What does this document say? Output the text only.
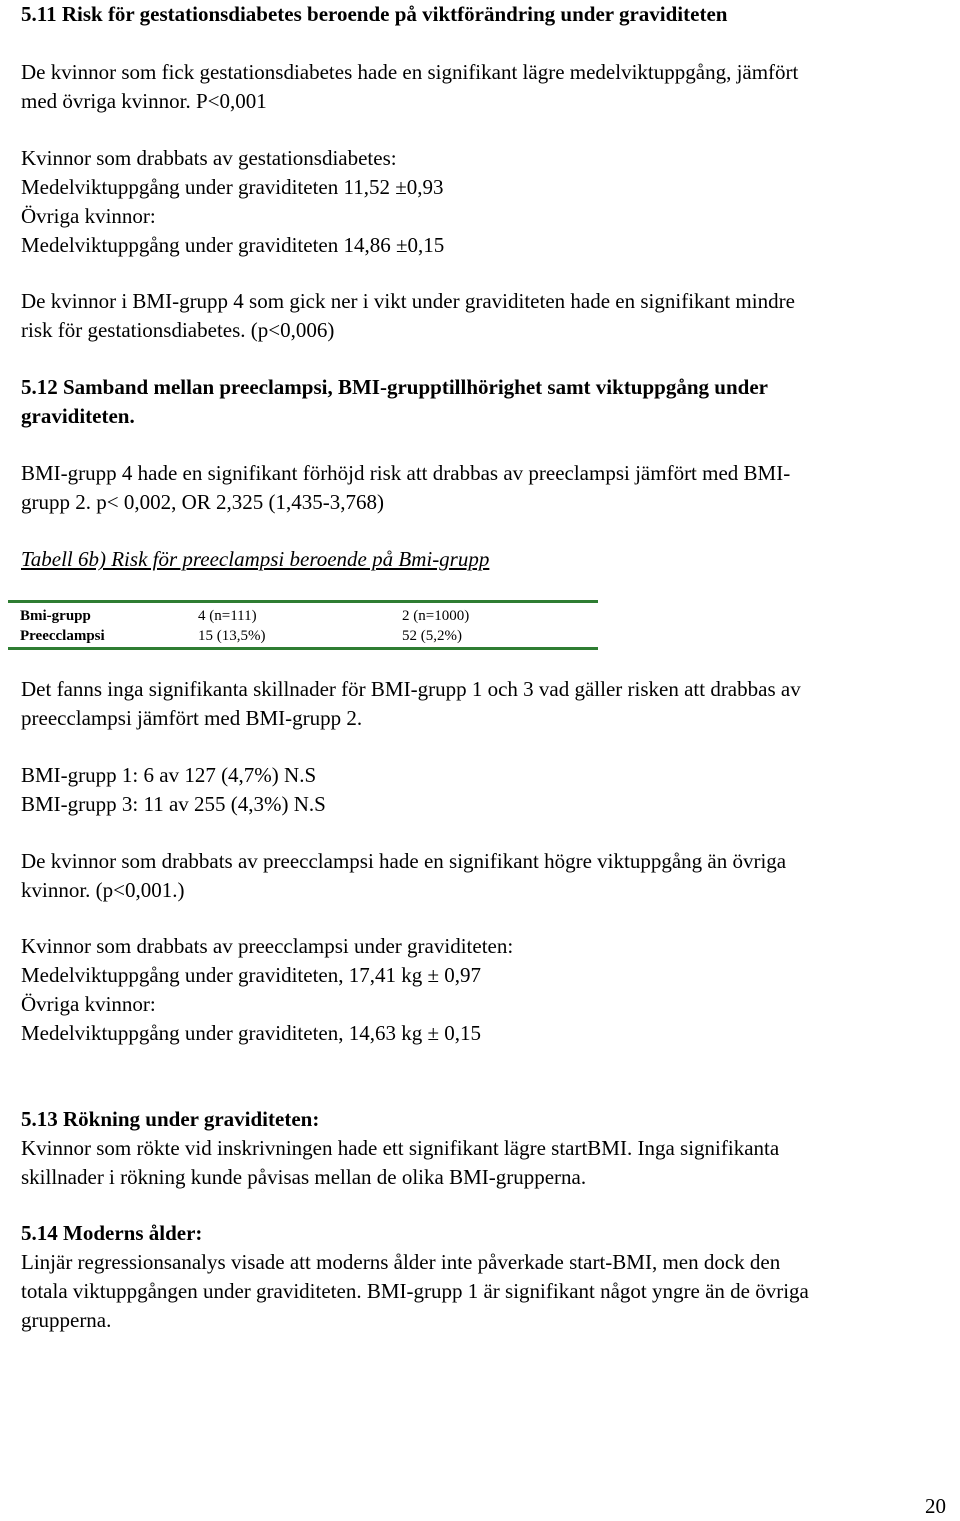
5.11 Risk för gestationsdiabetes beroende på viktförändring under graviditeten
De kvinnor som fick gestationsdiabetes hade en signifikant lägre medelviktuppgång, jämfört
med övriga kvinnor. P<0,001
Kvinnor som drabbats av gestationsdiabetes:
Medelviktuppgång under graviditeten 11,52 ±0,93
Övriga kvinnor:
Medelviktuppgång under graviditeten 14,86 ±0,15
De kvinnor i BMI-grupp 4 som gick ner i vikt under graviditeten hade en signifikant mindre
risk för gestationsdiabetes. (p<0,006)
5.12 Samband mellan preeclampsi, BMI-grupptillhörighet samt viktuppgång under
graviditeten.
BMI-grupp 4 hade en signifikant förhöjd risk att drabbas av preeclampsi jämfört med BMI-
grupp 2. p< 0,002, OR 2,325 (1,435-3,768)
Tabell 6b) Risk för preeclampsi beroende på Bmi-grupp
Bmi-grupp	4 (n=111)	2 (n=1000)
Preecclampsi	15 (13,5%)	52 (5,2%)
Det fanns inga signifikanta skillnader för BMI-grupp 1 och 3 vad gäller risken att drabbas av
preecclampsi jämfört med BMI-grupp 2.
BMI-grupp 1: 6 av 127 (4,7%) N.S
BMI-grupp 3: 11 av 255 (4,3%) N.S
De kvinnor som drabbats av preecclampsi hade en signifikant högre viktuppgång än övriga
kvinnor. (p<0,001.)
Kvinnor som drabbats av preecclampsi under graviditeten:
Medelviktuppgång under graviditeten, 17,41 kg ± 0,97
Övriga kvinnor:
Medelviktuppgång under graviditeten, 14,63 kg ± 0,15
5.13 Rökning under graviditeten:
Kvinnor som rökte vid inskrivningen hade ett signifikant lägre startBMI. Inga signifikanta
skillnader i rökning kunde påvisas mellan de olika BMI-grupperna.
5.14 Moderns ålder:
Linjär regressionsanalys visade att moderns ålder inte påverkade start-BMI, men dock den
totala viktuppgången under graviditeten. BMI-grupp 1 är signifikant något yngre än de övriga
grupperna.
20
